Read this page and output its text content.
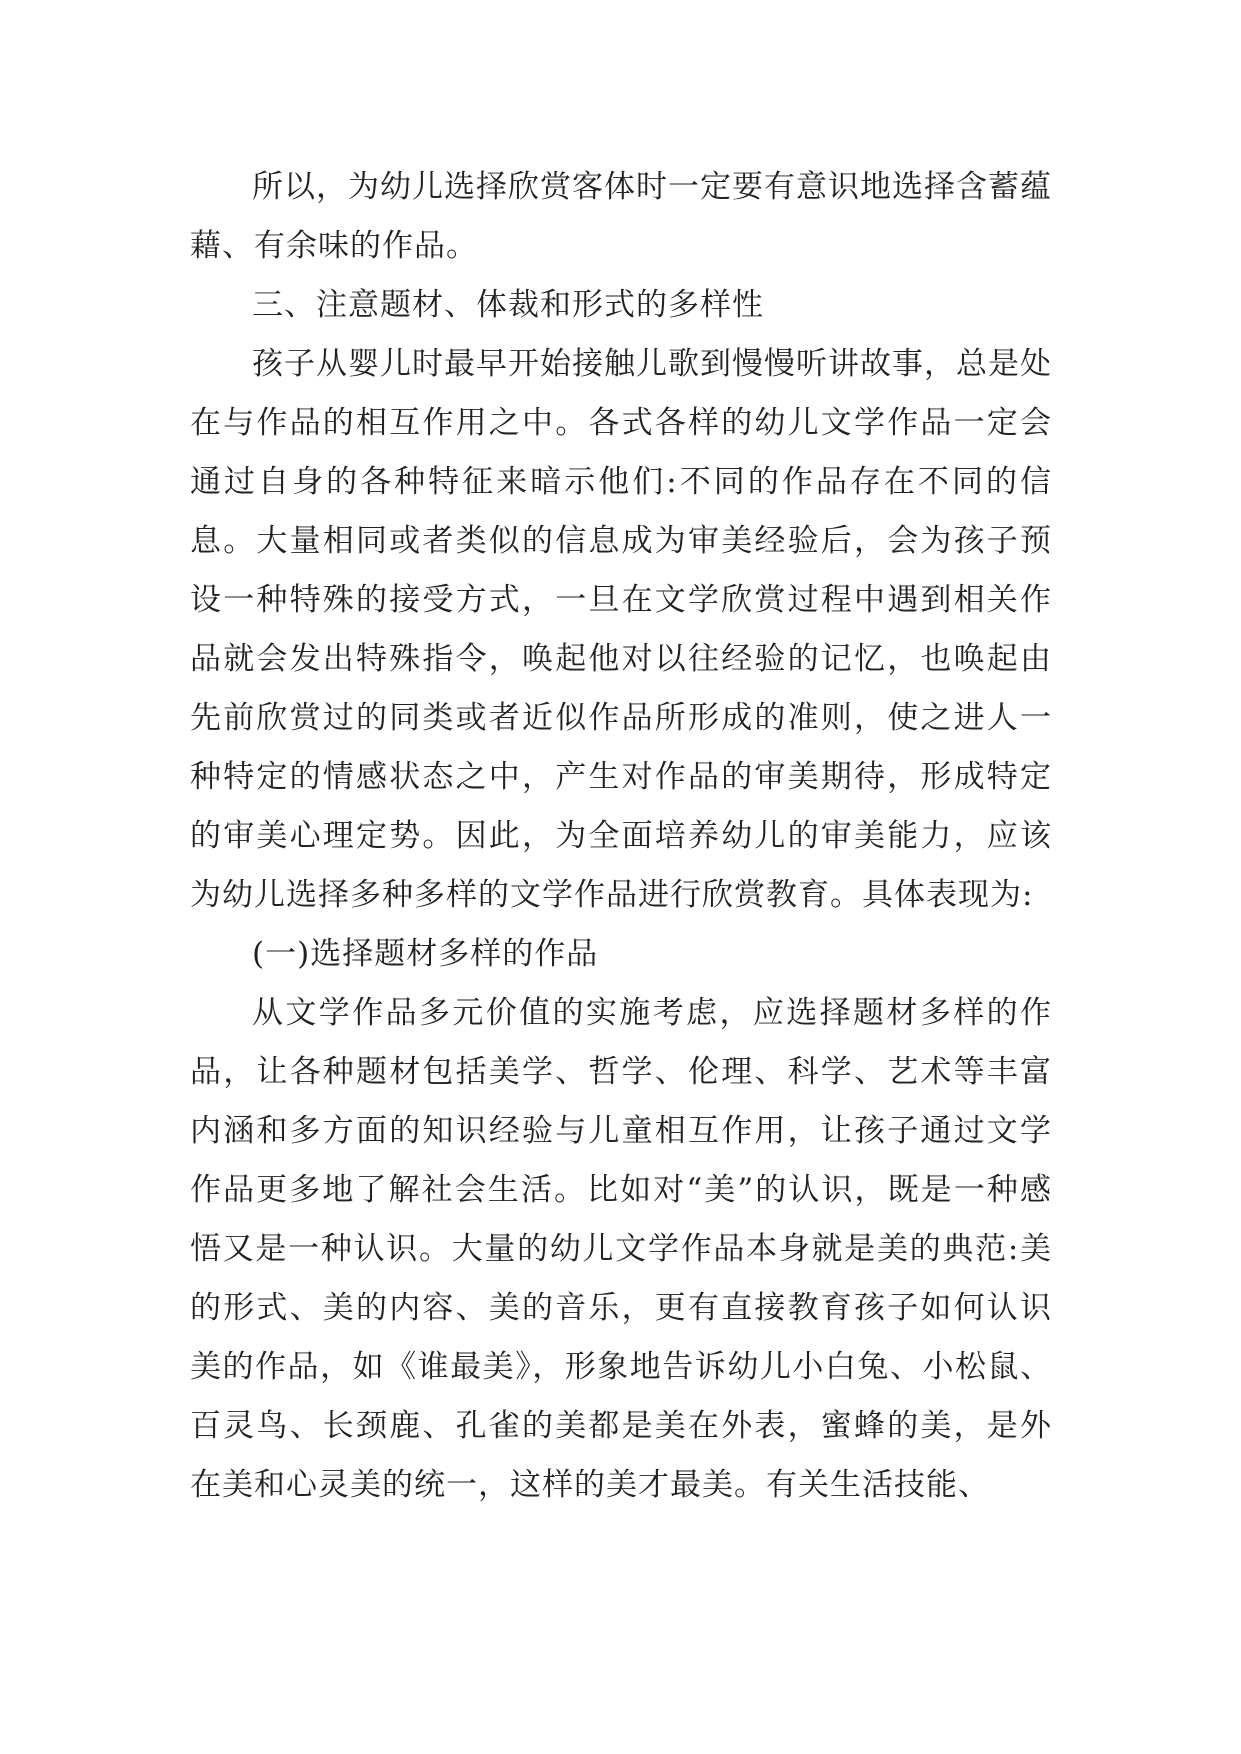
所以，为幼儿选择欣赏客体时一定要有意识地选择含蓄蕴藉、有余味的作品。

三、注意题材、体裁和形式的多样性

孩子从婴儿时最早开始接触儿歌到慢慢听讲故事，总是处在与作品的相互作用之中。各式各样的幼儿文学作品一定会通过自身的各种特征来暗示他们:不同的作品存在不同的信息。大量相同或者类似的信息成为审美经验后，会为孩子预设一种特殊的接受方式，一旦在文学欣赏过程中遇到相关作品就会发出特殊指令，唤起他对以往经验的记忆，也唤起由先前欣赏过的同类或者近似作品所形成的准则，使之进人一种特定的情感状态之中，产生对作品的审美期待，形成特定的审美心理定势。因此，为全面培养幼儿的审美能力，应该为幼儿选择多种多样的文学作品进行欣赏教育。具体表现为:

(一)选择题材多样的作品

从文学作品多元价值的实施考虑，应选择题材多样的作品，让各种题材包括美学、哲学、伦理、科学、艺术等丰富内涵和多方面的知识经验与儿童相互作用，让孩子通过文学作品更多地了解社会生活。比如对“美”的认识，既是一种感悟又是一种认识。大量的幼儿文学作品本身就是美的典范:美的形式、美的内容、美的音乐，更有直接教育孩子如何认识美的作品，如《谁最美》，形象地告诉幼儿小白兔、小松鼠、百灵鸟、长颈鹿、孔雀的美都是美在外表，蜜蜂的美，是外在美和心灵美的统一，这样的美才最美。有关生活技能、
